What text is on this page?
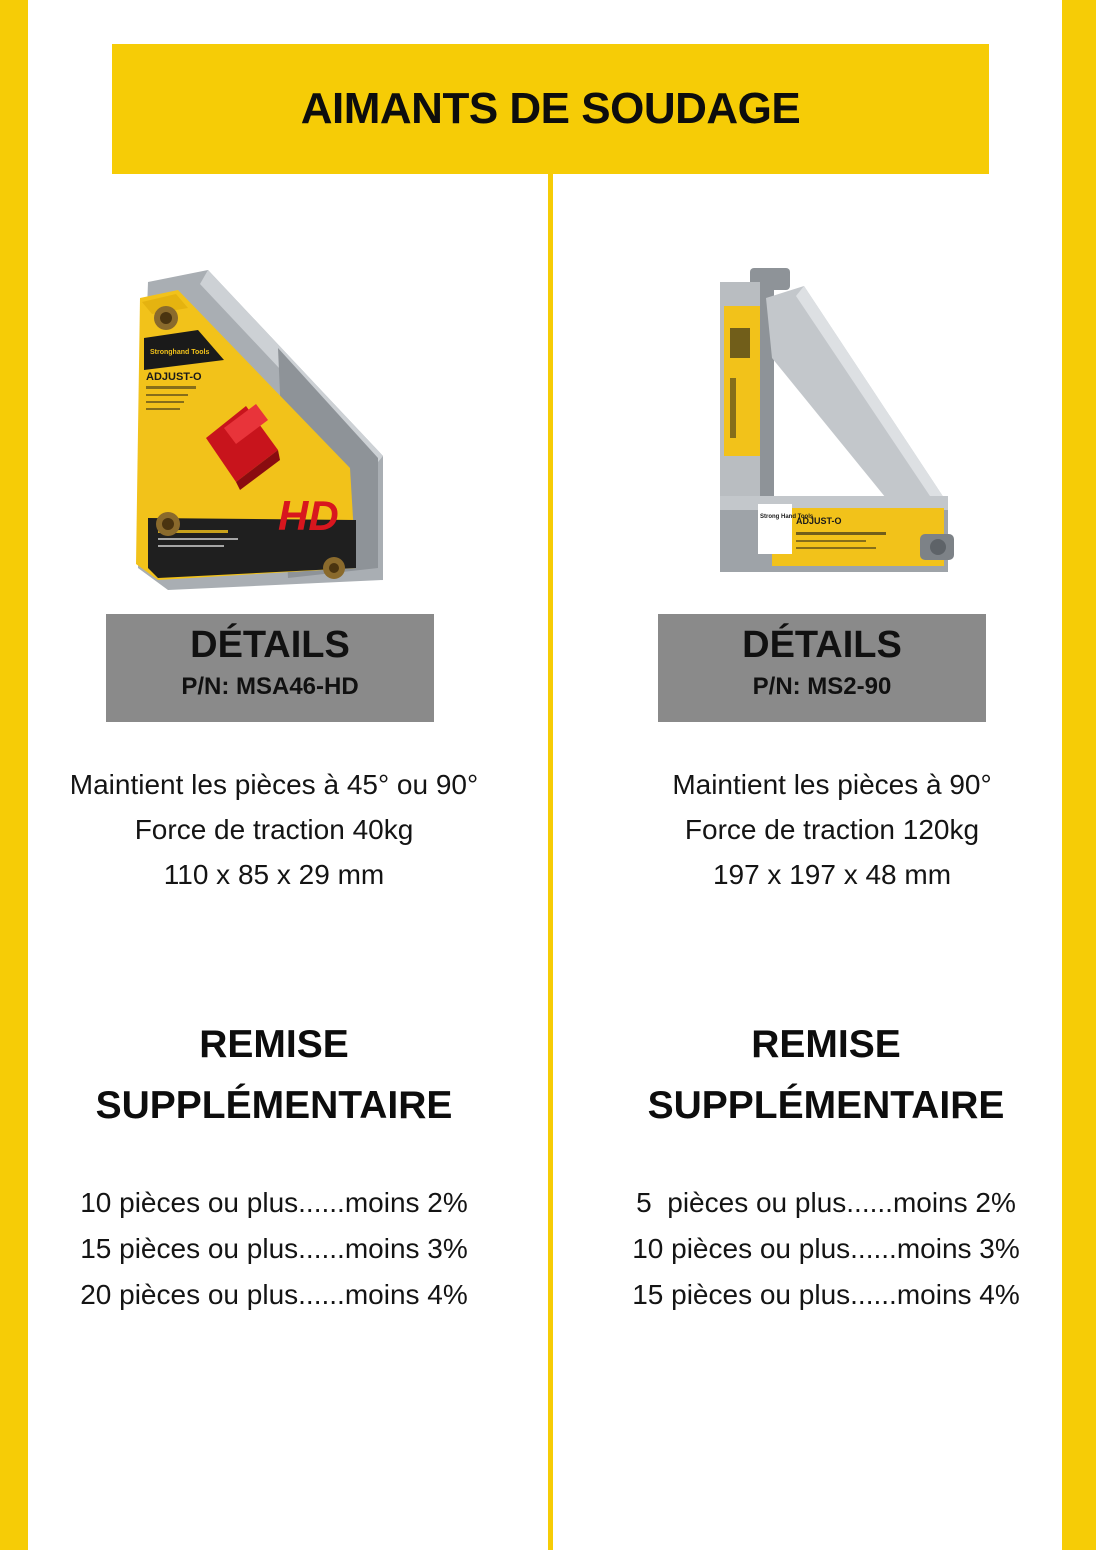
AIMANTS DE SOUDAGE
Stronghand Tools
ADJUST-O
HD
DÉTAILS
P/N: MSA46-HD
Maintient les pièces à 45° ou 90°
Force de traction 40kg
110 x 85 x 29 mm
REMISE
SUPPLÉMENTAIRE
10 pièces ou plus......moins 2%
15 pièces ou plus......moins 3%
20 pièces ou plus......moins 4%
Strong Hand Tools
ADJUST-O
DÉTAILS
P/N: MS2-90
Maintient les pièces à 90°
Force de traction 120kg
197 x 197 x 48 mm
REMISE
SUPPLÉMENTAIRE
5  pièces ou plus......moins 2%
10 pièces ou plus......moins 3%
15 pièces ou plus......moins 4%
